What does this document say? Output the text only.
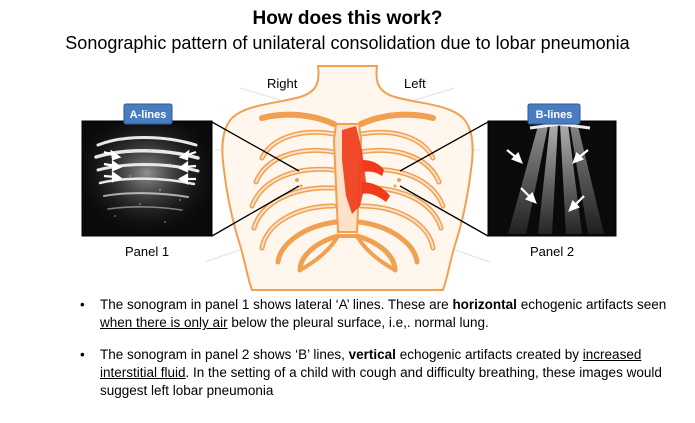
How does this work?
Sonographic pattern of unilateral consolidation due to lobar pneumonia
Right	Left
A-lines	B-lines
Panel 1	Panel 2
• The sonogram in panel 1 shows lateral ‘A’ lines. These are horizontal echogenic artifacts seen when there is only air below the pleural surface, i.e,. normal lung.
• The sonogram in panel 2 shows ‘B’ lines, vertical echogenic artifacts created by increased interstitial fluid. In the setting of a child with cough and difficulty breathing, these images would suggest left lobar pneumonia
